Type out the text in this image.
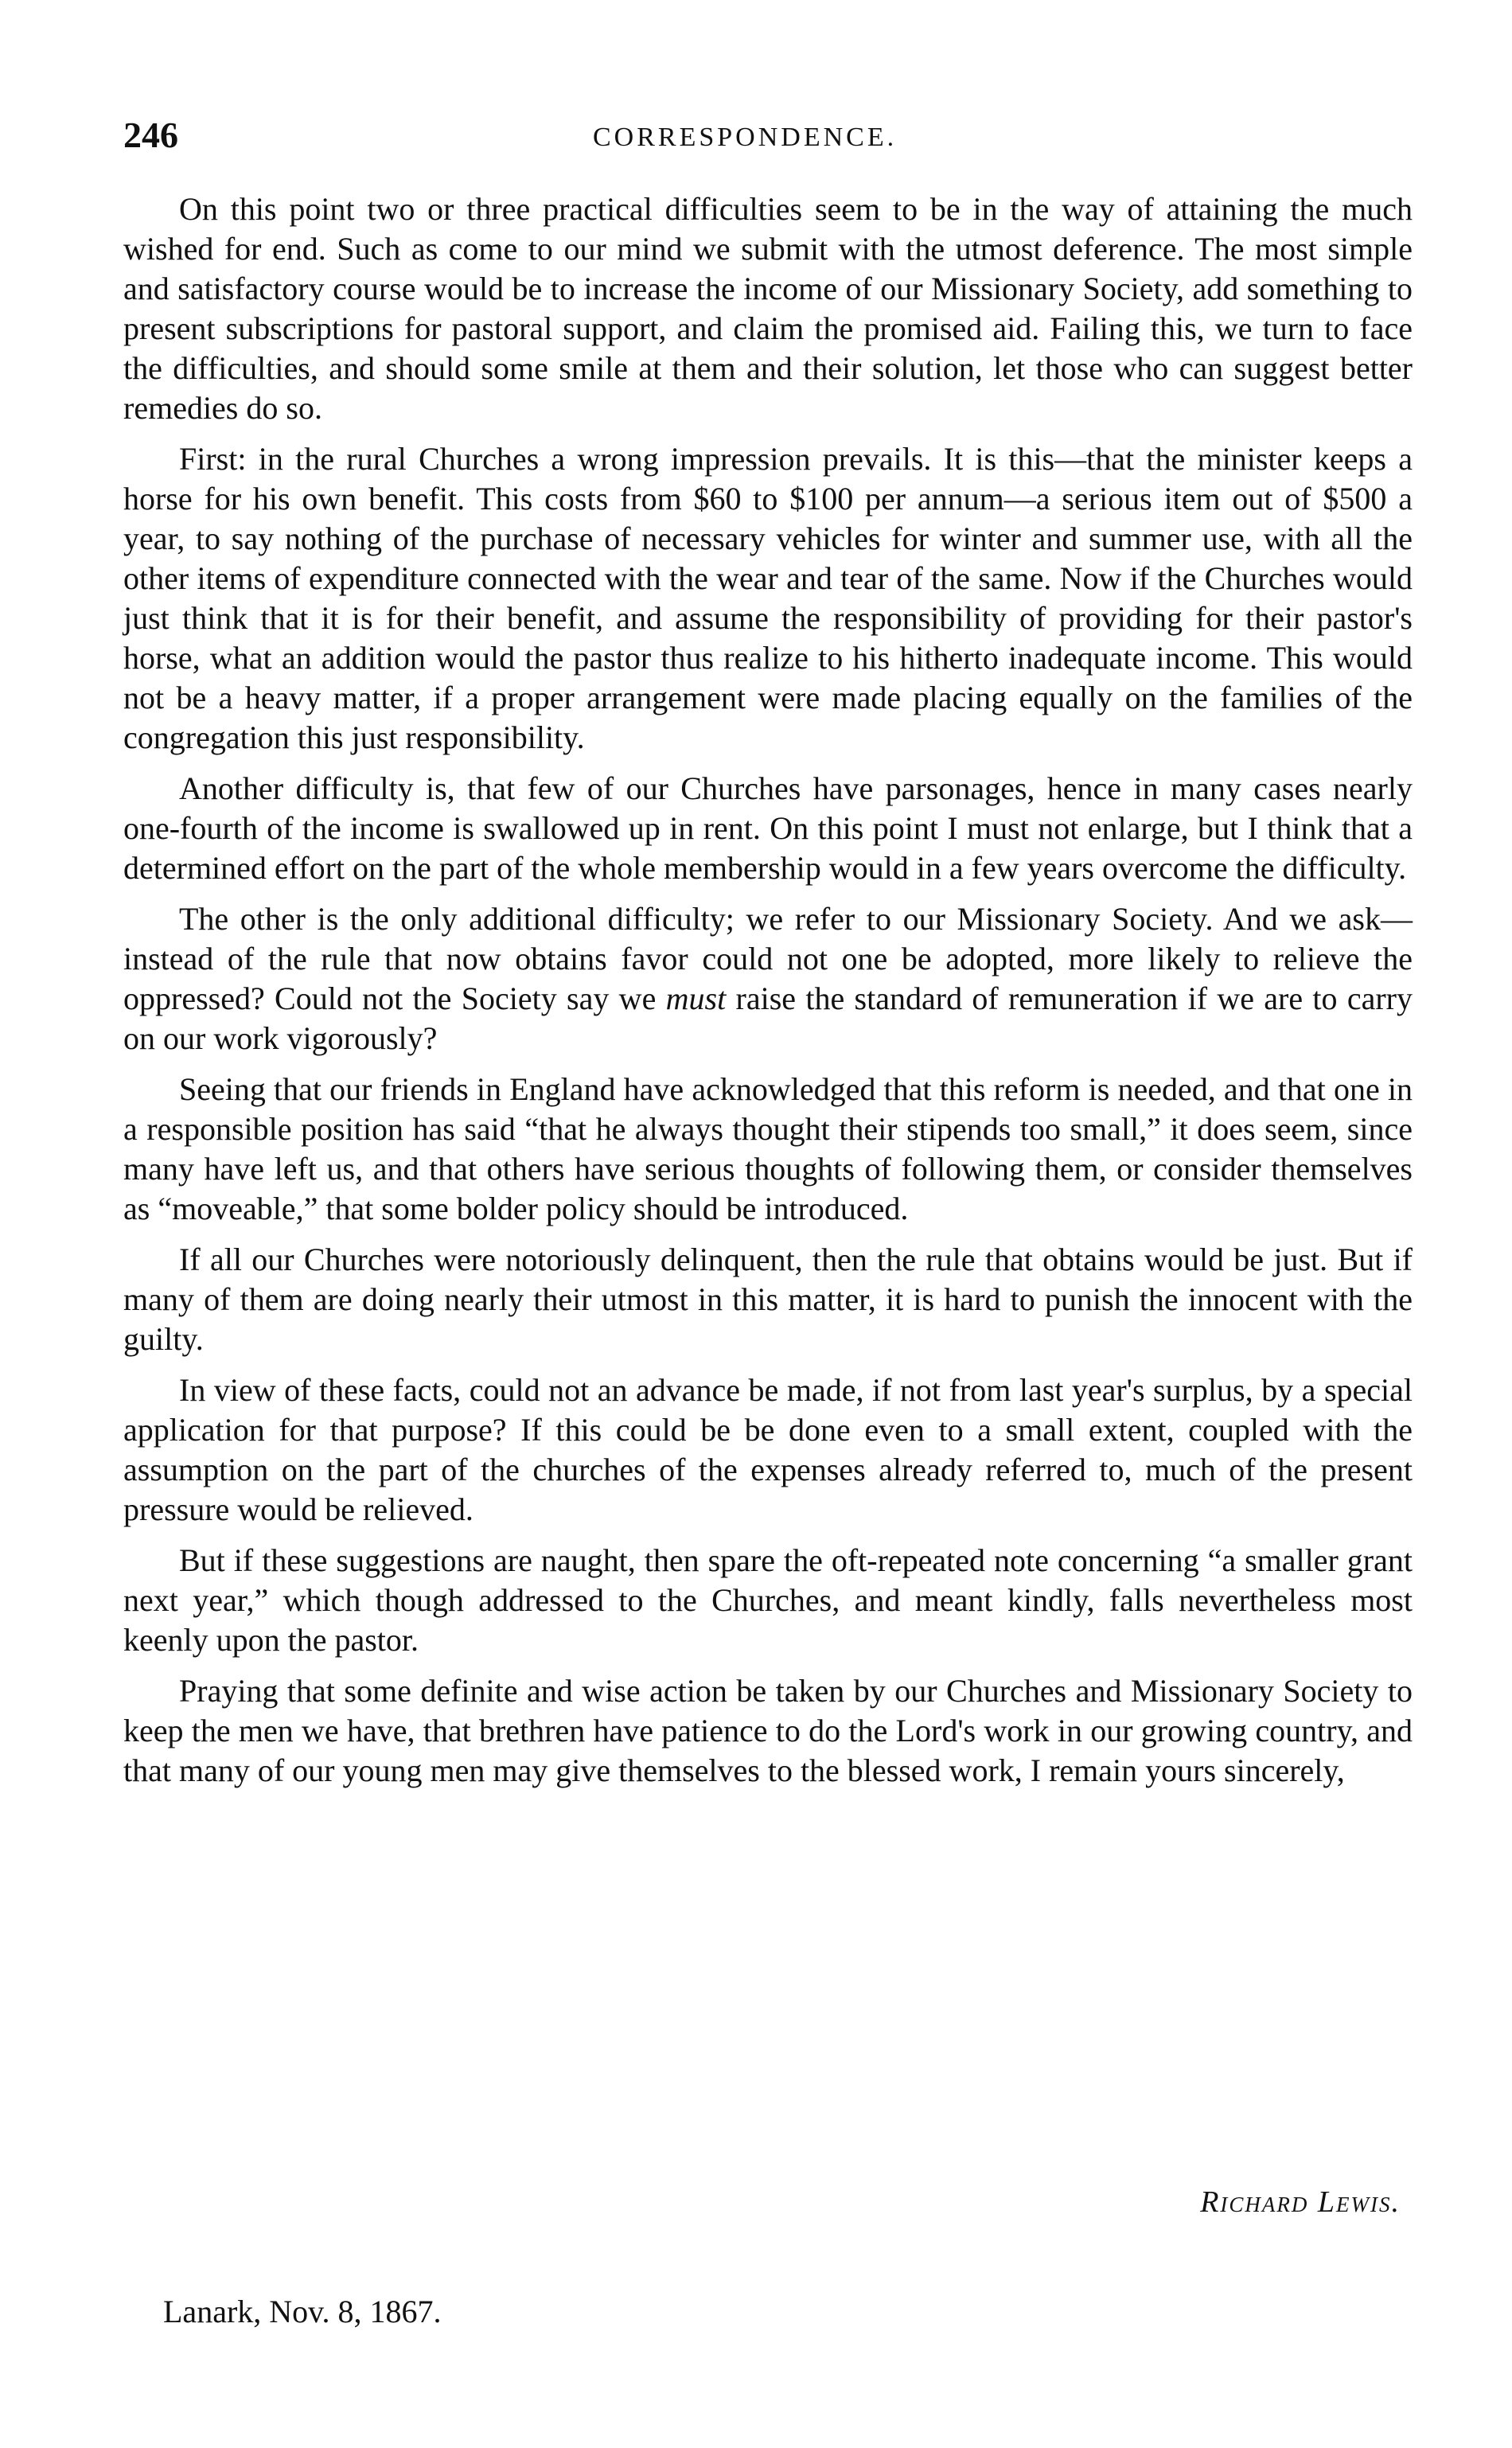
246	CORRESPONDENCE.

On this point two or three practical difficulties seem to be in the way of attaining the much wished for end. Such as come to our mind we submit with the utmost deference. The most simple and satisfactory course would be to increase the income of our Missionary Society, add something to present subscriptions for pastoral support, and claim the promised aid. Failing this, we turn to face the difficulties, and should some smile at them and their solution, let those who can suggest better remedies do so.

First: in the rural Churches a wrong impression prevails. It is this—that the minister keeps a horse for his own benefit. This costs from $60 to $100 per annum—a serious item out of $500 a year, to say nothing of the purchase of necessary vehicles for winter and summer use, with all the other items of expenditure connected with the wear and tear of the same. Now if the Churches would just think that it is for their benefit, and assume the responsibility of providing for their pastor's horse, what an addition would the pastor thus realize to his hitherto inadequate income. This would not be a heavy matter, if a proper arrangement were made placing equally on the families of the congregation this just responsibility.

Another difficulty is, that few of our Churches have parsonages, hence in many cases nearly one-fourth of the income is swallowed up in rent. On this point I must not enlarge, but I think that a determined effort on the part of the whole membership would in a few years overcome the difficulty.

The other is the only additional difficulty; we refer to our Missionary Society. And we ask—instead of the rule that now obtains favor could not one be adopted, more likely to relieve the oppressed? Could not the Society say we must raise the standard of remuneration if we are to carry on our work vigorously?

Seeing that our friends in England have acknowledged that this reform is needed, and that one in a responsible position has said “that he always thought their stipends too small,” it does seem, since many have left us, and that others have serious thoughts of following them, or consider themselves as “moveable,” that some bolder policy should be introduced.

If all our Churches were notoriously delinquent, then the rule that obtains would be just. But if many of them are doing nearly their utmost in this matter, it is hard to punish the innocent with the guilty.

In view of these facts, could not an advance be made, if not from last year's surplus, by a special application for that purpose? If this could be be done even to a small extent, coupled with the assumption on the part of the churches of the expenses already referred to, much of the present pressure would be relieved.

But if these suggestions are naught, then spare the oft-repeated note concerning “a smaller grant next year,” which though addressed to the Churches, and meant kindly, falls nevertheless most keenly upon the pastor.

Praying that some definite and wise action be taken by our Churches and Missionary Society to keep the men we have, that brethren have patience to do the Lord's work in our growing country, and that many of our young men may give themselves to the blessed work, I remain yours sincerely,

Richard Lewis.
Lanark, Nov. 8, 1867.
